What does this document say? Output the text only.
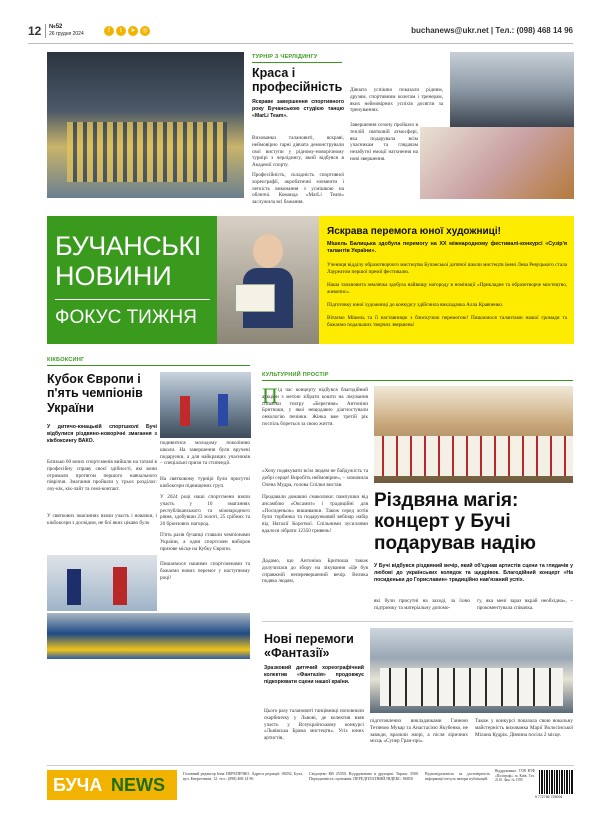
12 №52
26 грудня 2024	f t ➤ ◎	buchanews@ukr.net | Тел.: (098) 468 14 96
ТУРНІР З ЧЕРЛІДИНГУ
Краса і професійність
Яскраве завершення спортивного року Бучанською студією танцю «MarLi Team».
Вихованки талановиті, яскраві, неймовірно гарні дівчата демонстрували свої виступи у рідному-новорічному турнірі з черлідингу, який відбувся в Академії спорту.
Професійність, складність спортивної хореографії, акробатичні елементи і легкість виконання з усмішкою на обличчі. Команда «MarLi Team» заслужила всі бажання.
Дівчата успішно показали рідним, друзям, спортивним колегам і тренерам, яких неймовірних успіхів досягли за тренуваннях.
Завершення сезону пройшло в теплій святковій атмосфері, яка подарувала всім учасникам та глядачам незабутні емоції натхнення на нові звершення.
БУЧАНСЬКІ
НОВИНИ
ФОКУС ТИЖНЯ
Яскрава перемога юної художниці!
Мішель Балицька здобула перемогу на XX міжнародному фестивалі-конкурсі «Сузір'я талантів України».
Учениця відділу образотворчого мистецтва Бучанської дитячої школи мистецтв імені Лева Ревуцького стала Лауреатом першої премії фестивалю.
Наша талановита землячка здобула найвищу нагороду в номінації «Прикладне та образотворче мистецтво, живопис».
Підготовку юної художниці до конкурсу здійснила викладачка Алла Кравченко.
Вітаємо Мішель та її наставницю з блискучою перемогою! Пишаємося талантами нашої громади та бажаємо подальших творчих звершень!
КІКБОКСИНГ
Кубок Європи і п'ять чемпіонів України
У дитячо-юнацькій спортшколі Бучі відбулися різдвяно-новорічні змагання з кікбоксингу ВАКО.
Близько 60 юних спортсменів вийшли на татамі в професійну справу своєї здібності, які вони отримали протягом першого навчального півріччя. Змагання пройшли у трьох розділах: лоу-кік, кік-лайт та семі-контакт.
У святкових змаганнях взяли участь і новачки, і кікбоксери з досвідом, не бої яких цікаво було
подивитися молодому поколінню школи. На завершення були вручені подарунки, а для найкращих учасників – спеціальні призи та стипендії.
На святковому турнірі були присутні кікбоксери підвищених груп.
У 2024 році наші спортсмени взяли участь у 10 змаганнях республіканського та міжнародного рівня, здобувши 23 золоті, 25 срібних та 26 бронзових нагород.
П'ять разів бучанці ставали чемпіонами України, а один спортсмен виборов призове місце на Кубку Європи.
Пишаємося нашими спортсменами та бажаємо нових перемог у наступному році!
КУЛЬТУРНИЙ ПРОСТІР
П ід час концерту відбувся благодійний аукціон з метою зібрати кошти на лікування співачки театру «Берегиня» Антоніни Бритюши, у якої нещодавно діагностували онкологію печінки. Жінка вже третій рік поспіль бореться за свою життя.
«Хочу подякувати всім людям не байдужість та добрі серця! Виробіть неймовірне», – зазначила Олена Мудра, голова Спілки вистав.
Продавали домашні смаколики: пампушки від ансамблю «Оксамит» і традиційні для «Посиденьок» вишиванки. Також серед лотів були торбинка та подарунковий вебінар набір від Наталії Короткої. Спільними зусиллями вдалося зібрати 12350 гривень!
Додамо, що Антоніна Бритюша також долучилася до збору на лікування «Це був справжній неперевершений вечір. Велика подяка людям,
Різдвяна магія: концерт у Бучі подарував надію
У Бучі відбувся різдвяний вечір, який об'єднав артистів сцени та глядачів у любові до українських колядок та щедрівок. Благодійний концерт «На посиденьки до Гориславин» традиційно нав'язаний успіх.
які були присутні на заході, за їхню підтримку та матеріальну допомо-
гу, яка мені зараз вкрай необхідна», – прокоментувала співачка.
Нові перемоги «Фантазії»
Зразковий дитячий хореографічний колектив «Фантазія» продовжує підкорювати сцени нашої країни.
Цього разу талановиті танцівниці поповнили скарбничку у Львові, де колектив взяв участь у Всеукраїнському конкурсі «Львівська Брама мистецтв». Усіх юних артистів,
підготовлених викладачками Ганною Тетяною Мукар та Анастасією Якубенко, не завжди, вразили жюрі, а після ліричних місць «Супер Гран-прі».
Також у конкурсі показала свою вокальну майстерність вихованка Марії Волосінської Мілана Кудрік. Дівчина посіла 2 місце.
БУЧА NEWS
Головний редактор Інна ПЕРЕПЕЧКО. Адреса редакції: 08292, Буча, вул. Енергетиків, 12. тел.: (098) 468 14 96
Свідоцтво КВ 25350. Віддруковано в друкарні. Тираж: 3500. Періодичність: щотижня. ПЕРЕДПЛАТНИЙ ІНДЕКС: 86850
Відповідальність за достовірність інформації несуть автори публікацій.
Віддруковано: ТОВ ВТФ «Поліграф». м. Київ. Тел. 2110. Зам. № 1595
9 772786 725004
